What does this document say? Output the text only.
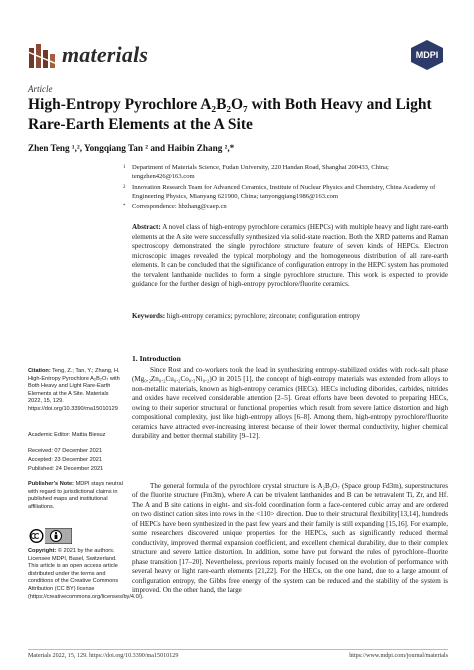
materials	MDPI
Article
High-Entropy Pyrochlore A₂B₂O₇ with Both Heavy and Light Rare-Earth Elements at the A Site
Zhen Teng ¹,², Yongqiang Tan ² and Haibin Zhang ²,*
1 Department of Materials Science, Fudan University, 220 Handan Road, Shanghai 200433, China; tengzhen426@163.com
2 Innovation Research Team for Advanced Ceramics, Institute of Nuclear Physics and Chemistry, China Academy of Engineering Physics, Mianyang 621900, China; tanyongqiang1986@163.com
* Correspondence: hbzhang@caep.cn
Abstract: A novel class of high-entropy pyrochlore ceramics (HEPCs) with multiple heavy and light rare-earth elements at the A site were successfully synthesized via solid-state reaction. Both the XRD patterns and Raman spectroscopy demonstrated the single pyrochlore structure feature of seven kinds of HEPCs. Electron microscopic images revealed the typical morphology and the homogeneous distribution of all rare-earth elements. It can be concluded that the significance of configuration entropy in the HEPC system has promoted the tervalent lanthanide nuclides to form a single pyrochlore structure. This work is expected to provide guidance for the further design of high-entropy pyrochlore/fluorite ceramics.
Keywords: high-entropy ceramics; pyrochlore; zirconate; configuration entropy
Citation: Teng, Z.; Tan, Y.; Zhang, H. High-Entropy Pyrochlore A₂B₂O₇ with Both Heavy and Light Rare-Earth Elements at the A Site. Materials 2022, 15, 129. https://doi.org/10.3390/ma15010129
Academic Editor: Mattia Biesuz
Received: 07 December 2021
Accepted: 23 December 2021
Published: 24 December 2021
Publisher’s Note: MDPI stays neutral with regard to jurisdictional claims in published maps and institutional affiliations.
Copyright: © 2021 by the authors. Licensee MDPI, Basel, Switzerland. This article is an open access article distributed under the terms and conditions of the Creative Commons Attribution (CC BY) license (https://creativecommons.org/licenses/by/4.0/).
1. Introduction
Since Rost and co-workers took the lead in synthesizing entropy-stabilized oxides with rock-salt phase (Mg₀.₂Zn₀.₂Cu₀.₂Co₀.₂Ni₀.₂)O in 2015 [1], the concept of high-entropy materials was extended from alloys to non-metallic materials, known as high-entropy ceramics (HECs). HECs including diborides, carbides, nitrides and oxides have received considerable attention [2–5]. Great efforts have been devoted to preparing HECs, owing to their superior structural or functional properties which result from severe lattice distortion and high compositional complexity, just like high-entropy alloys [6–8]. Among them, high-entropy pyrochlore/fluorite ceramics have attracted ever-increasing interest because of their lower thermal conductivity, higher chemical durability and better thermal stability [9–12].
The general formula of the pyrochlore crystal structure is A₂B₂O₇ (Space group Fd3m), superstructures of the fluorite structure (Fm3m), where A can be trivalent lanthanides and B can be tetravalent Ti, Zr, and Hf. The A and B site cations in eight- and six-fold coordination form a face-centered cubic array and are ordered on two distinct cation sites into rows in the <110> direction. Due to their structural flexibility[13,14], hundreds of HEPCs have been synthesized in the past few years and their family is still expanding [15,16]. For example, some researchers discovered unique properties for the HEPCs, such as significantly reduced thermal conductivity, improved thermal expansion coefficient, and excellent chemical durability, due to their complex structure and severe lattice distortion. In addition, some have put forward the rules of pyrochlore–fluorite phase transition [17–20]. Nevertheless, previous reports mainly focused on the evolution of performance with several heavy or light rare-earth elements [21,22]. For the HECs, on the one hand, due to a large amount of configuration entropy, the Gibbs free energy of the system can be reduced and the stability of the system is improved. On the other hand, the large
Materials 2022, 15, 129. https://doi.org/10.3390/ma15010129	https://www.mdpi.com/journal/materials
